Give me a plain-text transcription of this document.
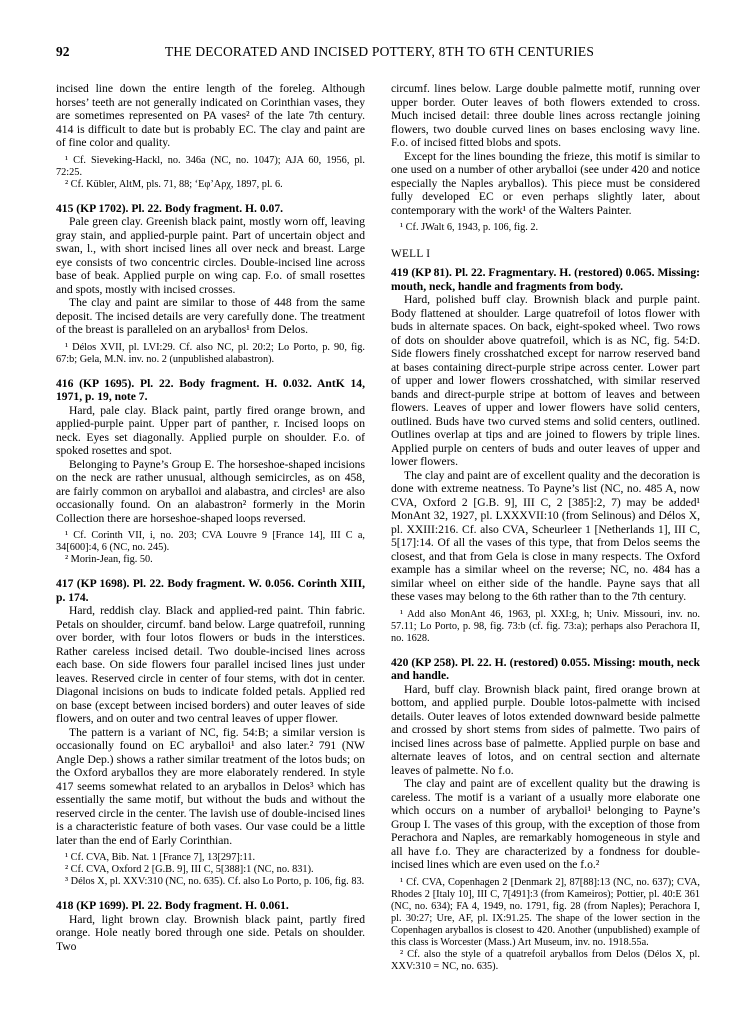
92	THE DECORATED AND INCISED POTTERY, 8TH TO 6TH CENTURIES

incised line down the entire length of the foreleg. Although horses’ teeth are not generally indicated on Corinthian vases, they are sometimes represented on PA vases² of the late 7th century. 414 is difficult to date but is probably EC. The clay and paint are of fine color and quality.

¹ Cf. Sieveking-Hackl, no. 346a (NC, no. 1047); AJA 60, 1956, pl. 72:25.

² Cf. Kübler, AltM, pls. 71, 88; ‘Εφ’Αρχ, 1897, pl. 6.

415 (KP 1702). Pl. 22. Body fragment. H. 0.07.

Pale green clay. Greenish black paint, mostly worn off, leaving gray stain, and applied-purple paint. Part of uncertain object and swan, l., with short incised lines all over neck and breast. Large eye consists of two concentric circles. Double-incised line across base of beak. Applied purple on wing cap. F.o. of small rosettes and spots, mostly with incised crosses.

The clay and paint are similar to those of 448 from the same deposit. The incised details are very carefully done. The treatment of the breast is paralleled on an aryballos¹ from Delos.

¹ Délos XVII, pl. LVI:29. Cf. also NC, pl. 20:2; Lo Porto, p. 90, fig. 67:b; Gela, M.N. inv. no. 2 (unpublished alabastron).

416 (KP 1695). Pl. 22. Body fragment. H. 0.032. AntK 14, 1971, p. 19, note 7.

Hard, pale clay. Black paint, partly fired orange brown, and applied-purple paint. Upper part of panther, r. Incised loops on neck. Eyes set diagonally. Applied purple on shoulder. F.o. of spoked rosettes and spot.

Belonging to Payne’s Group E. The horseshoe-shaped incisions on the neck are rather unusual, although semicircles, as on 458, are fairly common on aryballoi and alabastra, and circles¹ are also occasionally found. On an alabastron² formerly in the Morin Collection there are horseshoe-shaped loops reversed.

¹ Cf. Corinth VII, i, no. 203; CVA Louvre 9 [France 14], III C a, 34[600]:4, 6 (NC, no. 245).

² Morin-Jean, fig. 50.

417 (KP 1698). Pl. 22. Body fragment. W. 0.056. Corinth XIII, p. 174.

Hard, reddish clay. Black and applied-red paint. Thin fabric. Petals on shoulder, circumf. band below. Large quatrefoil, running over border, with four lotos flowers or buds in the interstices. Rather careless incised detail. Two double-incised lines across each base. On side flowers four parallel incised lines just under leaves. Reserved circle in center of four stems, with dot in center. Diagonal incisions on buds to indicate folded petals. Applied red on base (except between incised borders) and outer leaves of side flowers, and on outer and two central leaves of upper flower.

The pattern is a variant of NC, fig. 54:B; a similar version is occasionally found on EC aryballoi¹ and also later.² 791 (NW Angle Dep.) shows a rather similar treatment of the lotos buds; on the Oxford aryballos they are more elaborately rendered. In style 417 seems somewhat related to an aryballos in Delos³ which has essentially the same motif, but without the buds and without the reserved circle in the center. The lavish use of double-incised lines is a characteristic feature of both vases. Our vase could be a little later than the end of Early Corinthian.

¹ Cf. CVA, Bib. Nat. 1 [France 7], 13[297]:11.

² Cf. CVA, Oxford 2 [G.B. 9], III C, 5[388]:1 (NC, no. 831).

³ Délos X, pl. XXV:310 (NC, no. 635). Cf. also Lo Porto, p. 106, fig. 83.

418 (KP 1699). Pl. 22. Body fragment. H. 0.061.

Hard, light brown clay. Brownish black paint, partly fired orange. Hole neatly bored through one side. Petals on shoulder. Two

circumf. lines below. Large double palmette motif, running over upper border. Outer leaves of both flowers extended to cross. Much incised detail: three double lines across rectangle joining flowers, two double curved lines on bases enclosing wavy line. F.o. of incised fitted blobs and spots.

Except for the lines bounding the frieze, this motif is similar to one used on a number of other aryballoi (see under 420 and notice especially the Naples aryballos). This piece must be considered fully developed EC or even perhaps slightly later, about contemporary with the work¹ of the Walters Painter.

¹ Cf. JWalt 6, 1943, p. 106, fig. 2.

WELL I

419 (KP 81). Pl. 22. Fragmentary. H. (restored) 0.065. Missing: mouth, neck, handle and fragments from body.

Hard, polished buff clay. Brownish black and purple paint. Body flattened at shoulder. Large quatrefoil of lotos flower with buds in alternate spaces. On back, eight-spoked wheel. Two rows of dots on shoulder above quatrefoil, which is as NC, fig. 54:D. Side flowers finely crosshatched except for narrow reserved band at bases containing direct-purple stripe across center. Lower part of upper and lower flowers crosshatched, with similar reserved bands and direct-purple stripe at bottom of leaves and between flowers. Leaves of upper and lower flowers have solid centers, outlined. Buds have two curved stems and solid centers, outlined. Outlines overlap at tips and are joined to flowers by triple lines. Applied purple on centers of buds and outer leaves of upper and lower flowers.

The clay and paint are of excellent quality and the decoration is done with extreme neatness. To Payne’s list (NC, no. 485 A, now CVA, Oxford 2 [G.B. 9], III C, 2 [385]:2, 7) may be added¹ MonAnt 32, 1927, pl. LXXXVII:10 (from Selinous) and Délos X, pl. XXIII:216. Cf. also CVA, Scheurleer 1 [Netherlands 1], III C, 5[17]:14. Of all the vases of this type, that from Delos seems the closest, and that from Gela is close in many respects. The Oxford example has a similar wheel on the reverse; NC, no. 484 has a similar wheel on either side of the handle. Payne says that all these vases may belong to the 6th rather than to the 7th century.

¹ Add also MonAnt 46, 1963, pl. XXI:g, h; Univ. Missouri, inv. no. 57.11; Lo Porto, p. 98, fig. 73:b (cf. fig. 73:a); perhaps also Perachora II, no. 1628.

420 (KP 258). Pl. 22. H. (restored) 0.055. Missing: mouth, neck and handle.

Hard, buff clay. Brownish black paint, fired orange brown at bottom, and applied purple. Double lotos-palmette with incised details. Outer leaves of lotos extended downward beside palmette and crossed by short stems from sides of palmette. Two pairs of incised lines across base of palmette. Applied purple on base and alternate leaves of lotos, and on central section and alternate leaves of palmette. No f.o.

The clay and paint are of excellent quality but the drawing is careless. The motif is a variant of a usually more elaborate one which occurs on a number of aryballoi¹ belonging to Payne’s Group I. The vases of this group, with the exception of those from Perachora and Naples, are remarkably homogeneous in style and all have f.o. They are characterized by a fondness for double-incised lines which are even used on the f.o.²

¹ Cf. CVA, Copenhagen 2 [Denmark 2], 87[88]:13 (NC, no. 637); CVA, Rhodes 2 [Italy 10], III C, 7[491]:3 (from Kameiros); Pottier, pl. 40:E 361 (NC, no. 634); FA 4, 1949, no. 1791, fig. 28 (from Naples); Perachora I, pl. 30:27; Ure, AF, pl. IX:91.25. The shape of the lower section in the Copenhagen aryballos is closest to 420. Another (unpublished) example of this class is Worcester (Mass.) Art Museum, inv. no. 1918.55a.

² Cf. also the style of a quatrefoil aryballos from Delos (Délos X, pl. XXV:310 = NC, no. 635).
